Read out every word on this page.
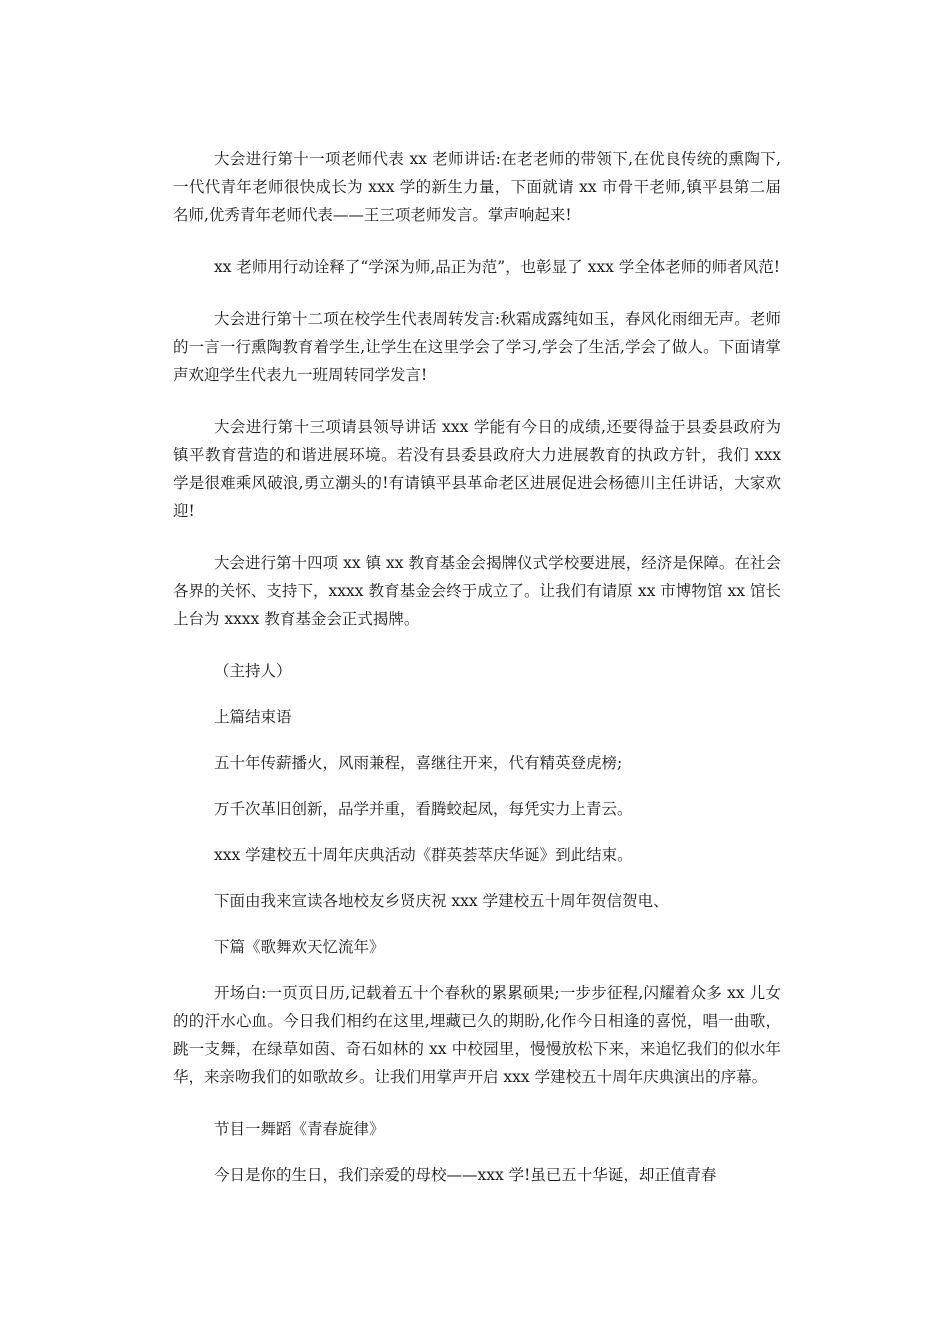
大会进行第十一项老师代表 xx 老师讲话:在老老师的带领下,在优良传统的熏陶下,一代代青年老师很快成长为 xxx 学的新生力量，下面就请 xx 市骨干老师,镇平县第二届名师,优秀青年老师代表——王三项老师发言。掌声响起来!

xx 老师用行动诠释了“学深为师,品正为范”，也彰显了 xxx 学全体老师的师者风范!

大会进行第十二项在校学生代表周转发言:秋霜成露纯如玉，春风化雨细无声。老师的一言一行熏陶教育着学生,让学生在这里学会了学习,学会了生活,学会了做人。下面请掌声欢迎学生代表九一班周转同学发言!

大会进行第十三项请县领导讲话 xxx 学能有今日的成绩,还要得益于县委县政府为镇平教育营造的和谐进展环境。若没有县委县政府大力进展教育的执政方针，我们 xxx 学是很难乘风破浪,勇立潮头的!有请镇平县革命老区进展促进会杨德川主任讲话，大家欢迎!

大会进行第十四项 xx 镇 xx 教育基金会揭牌仪式学校要进展，经济是保障。在社会各界的关怀、支持下，xxxx 教育基金会终于成立了。让我们有请原 xx 市博物馆 xx 馆长上台为 xxxx 教育基金会正式揭牌。

（主持人）

上篇结束语

五十年传薪播火，风雨兼程，喜继往开来，代有精英登虎榜;

万千次革旧创新，品学并重，看腾蛟起凤，每凭实力上青云。

xxx 学建校五十周年庆典活动《群英荟萃庆华诞》到此结束。

下面由我来宣读各地校友乡贤庆祝 xxx 学建校五十周年贺信贺电、

下篇《歌舞欢天忆流年》

开场白:一页页日历,记载着五十个春秋的累累硕果;一步步征程,闪耀着众多 xx 儿女的的汗水心血。今日我们相约在这里,埋藏已久的期盼,化作今日相逢的喜悦，唱一曲歌，跳一支舞，在绿草如茵、奇石如林的 xx 中校园里，慢慢放松下来，来追忆我们的似水年华，来亲吻我们的如歌故乡。让我们用掌声开启 xxx 学建校五十周年庆典演出的序幕。

节目一舞蹈《青春旋律》

今日是你的生日，我们亲爱的母校——xxx 学!虽已五十华诞，却正值青春
